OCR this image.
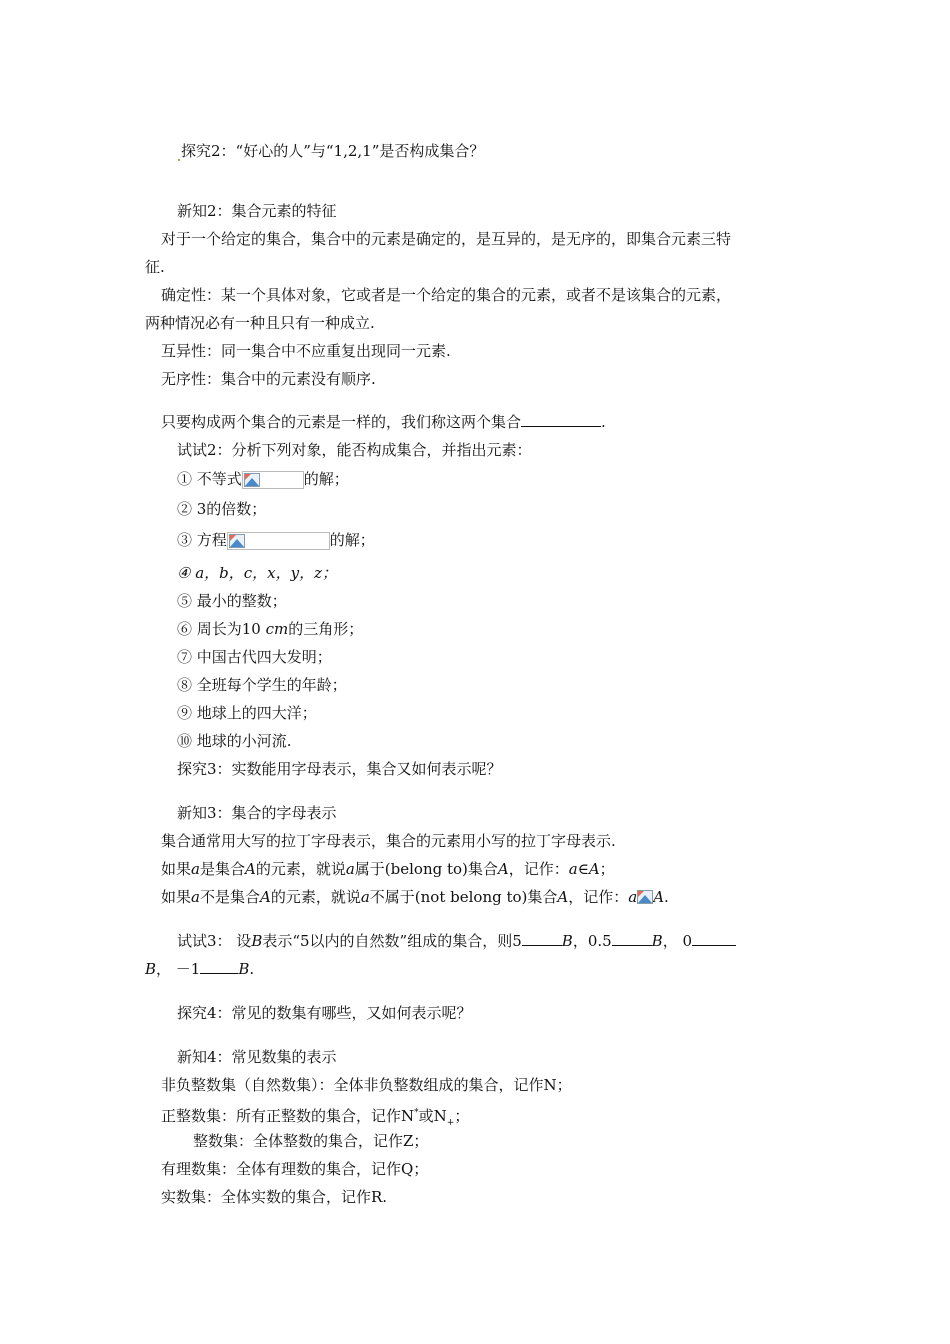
探究2：“好心的人”与“1,2,1”是否构成集合？
新知2：集合元素的特征
对于一个给定的集合，集合中的元素是确定的，是互异的，是无序的，即集合元素三特
征.
确定性：某一个具体对象，它或者是一个给定的集合的元素，或者不是该集合的元素，
两种情况必有一种且只有一种成立.
互异性：同一集合中不应重复出现同一元素.
无序性：集合中的元素没有顺序.
只要构成两个集合的元素是一样的，我们称这两个集合	.
试试2：分析下列对象，能否构成集合，并指出元素：
① 不等式	的解；
② 3的倍数；
③ 方程	的解；
④ a，b，c，x，y，z；
⑤ 最小的整数；
⑥ 周长为10 cm的三角形；
⑦ 中国古代四大发明；
⑧ 全班每个学生的年龄；
⑨ 地球上的四大洋；
⑩ 地球的小河流.
探究3：实数能用字母表示，集合又如何表示呢？
新知3：集合的字母表示
集合通常用大写的拉丁字母表示，集合的元素用小写的拉丁字母表示.
如果a是集合A的元素，就说a属于(belong to)集合A，记作：a∈A；
如果a不是集合A的元素，就说a不属于(not belong to)集合A，记作：a A.
试试3： 设B表示“5以内的自然数”组成的集合，则5	B，0.5	B， 0
B， －1	B.
探究4：常见的数集有哪些，又如何表示呢？
新知4：常见数集的表示
非负整数集（自然数集）：全体非负整数组成的集合，记作N；
正整数集：所有正整数的集合，记作N*或$N_+$；
整数集：全体整数的集合，记作Z；
有理数集：全体有理数的集合，记作Q；
实数集：全体实数的集合，记作R.
